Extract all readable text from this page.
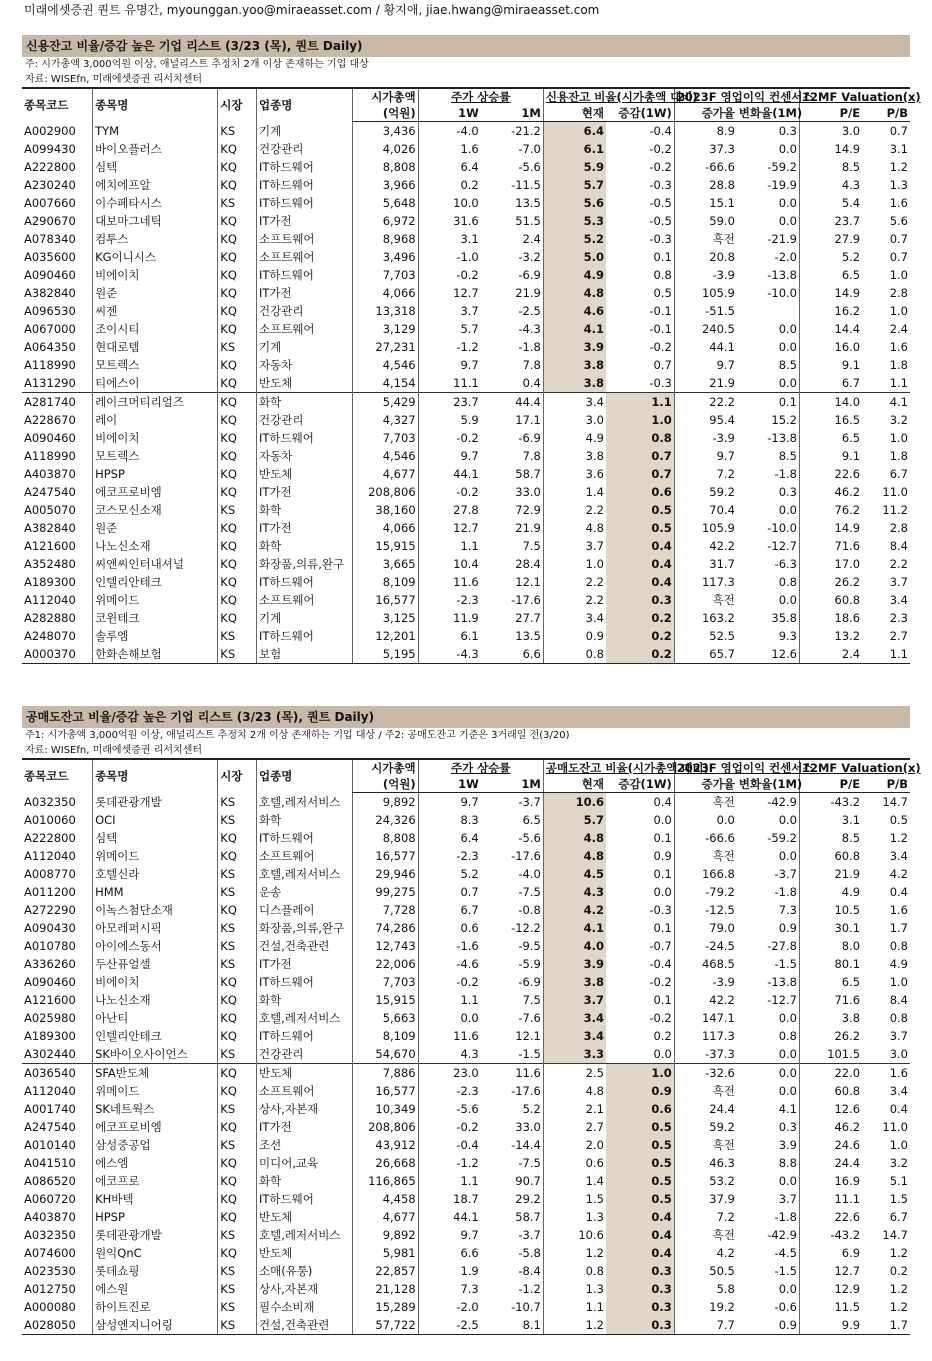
미래에셋증권 퀀트 유명간, myounggan.yoo@miraeasset.com / 황지애, jiae.hwang@miraeasset.com
신용잔고 비율/증감 높은 기업 리스트 (3/23 (목), 퀀트 Daily)
주: 시가총액 3,000억원 이상, 애널리스트 추정치 2개 이상 존재하는 기업 대상
자료: WISEfn, 미래에셋증권 리서치센터
종목코드	종목명	시장	업종명	시가총액	주가 상승률		신용잔고 비율(시가총액 대비)		2023F 영업이익 컨센서스		12MF Valuation(x)	
				(억원)	1W	1M	현재	증감(1W)	증가율	변화율(1M)	P/E	P/B
A002900	TYM	KS	기계	3,436	-4.0	-21.2	6.4	-0.4	8.9	0.3	3.0	0.7
A099430	바이오플러스	KQ	건강관리	4,026	1.6	-7.0	6.1	-0.2	37.3	0.0	14.9	3.1
A222800	심텍	KQ	IT하드웨어	8,808	6.4	-5.6	5.9	-0.2	-66.6	-59.2	8.5	1.2
A230240	에치에프알	KQ	IT하드웨어	3,966	0.2	-11.5	5.7	-0.3	28.8	-19.9	4.3	1.3
A007660	이수페타시스	KS	IT하드웨어	5,648	10.0	13.5	5.6	-0.5	15.1	0.0	5.4	1.6
A290670	대보마그네틱	KQ	IT가전	6,972	31.6	51.5	5.3	-0.5	59.0	0.0	23.7	5.6
A078340	컴투스	KQ	소프트웨어	8,968	3.1	2.4	5.2	-0.3	흑전	-21.9	27.9	0.7
A035600	KG이니시스	KQ	소프트웨어	3,496	-1.0	-3.2	5.0	0.1	20.8	-2.0	5.2	0.7
A090460	비에이치	KQ	IT하드웨어	7,703	-0.2	-6.9	4.9	0.8	-3.9	-13.8	6.5	1.0
A382840	원준	KQ	IT가전	4,066	12.7	21.9	4.8	0.5	105.9	-10.0	14.9	2.8
A096530	씨젠	KQ	건강관리	13,318	3.7	-2.5	4.6	-0.1	-51.5		16.2	1.0
A067000	조이시티	KQ	소프트웨어	3,129	5.7	-4.3	4.1	-0.1	240.5	0.0	14.4	2.4
A064350	현대로템	KS	기계	27,231	-1.2	-1.8	3.9	-0.2	44.1	0.0	16.0	1.6
A118990	모트렉스	KQ	자동차	4,546	9.7	7.8	3.8	0.7	9.7	8.5	9.1	1.8
A131290	티에스이	KQ	반도체	4,154	11.1	0.4	3.8	-0.3	21.9	0.0	6.7	1.1
A281740	레이크머티리얼즈	KQ	화학	5,429	23.7	44.4	3.4	1.1	22.2	0.1	14.0	4.1
A228670	레이	KQ	건강관리	4,327	5.9	17.1	3.0	1.0	95.4	15.2	16.5	3.2
A090460	비에이치	KQ	IT하드웨어	7,703	-0.2	-6.9	4.9	0.8	-3.9	-13.8	6.5	1.0
A118990	모트렉스	KQ	자동차	4,546	9.7	7.8	3.8	0.7	9.7	8.5	9.1	1.8
A403870	HPSP	KQ	반도체	4,677	44.1	58.7	3.6	0.7	7.2	-1.8	22.6	6.7
A247540	에코프로비엠	KQ	IT가전	208,806	-0.2	33.0	1.4	0.6	59.2	0.3	46.2	11.0
A005070	코스모신소재	KS	화학	38,160	27.8	72.9	2.2	0.5	70.4	0.0	76.2	11.2
A382840	원준	KQ	IT가전	4,066	12.7	21.9	4.8	0.5	105.9	-10.0	14.9	2.8
A121600	나노신소재	KQ	화학	15,915	1.1	7.5	3.7	0.4	42.2	-12.7	71.6	8.4
A352480	씨앤씨인터내셔널	KQ	화장품,의류,완구	3,665	10.4	28.4	1.0	0.4	31.7	-6.3	17.0	2.2
A189300	인텔리안테크	KQ	IT하드웨어	8,109	11.6	12.1	2.2	0.4	117.3	0.8	26.2	3.7
A112040	위메이드	KQ	소프트웨어	16,577	-2.3	-17.6	2.2	0.3	흑전	0.0	60.8	3.4
A282880	코윈테크	KQ	기계	3,125	11.9	27.7	3.4	0.2	163.2	35.8	18.6	2.3
A248070	솔루엠	KS	IT하드웨어	12,201	6.1	13.5	0.9	0.2	52.5	9.3	13.2	2.7
A000370	한화손해보험	KS	보험	5,195	-4.3	6.6	0.8	0.2	65.7	12.6	2.4	1.1
공매도잔고 비율/증감 높은 기업 리스트 (3/23 (목), 퀀트 Daily)
주1: 시가총액 3,000억원 이상, 애널리스트 추정치 2개 이상 존재하는 기업 대상 / 주2: 공매도잔고 기준은 3거래일 전(3/20)
자료: WISEfn, 미래에셋증권 리서치센터
종목코드	종목명	시장	업종명	시가총액	주가 상승률		공매도잔고 비율(시가총액 대비)		2023F 영업이익 컨센서스		12MF Valuation(x)	
				(억원)	1W	1M	현재	증감(1W)	증가율	변화율(1M)	P/E	P/B
A032350	롯데관광개발	KS	호텔,레저서비스	9,892	9.7	-3.7	10.6	0.4	흑전	-42.9	-43.2	14.7
A010060	OCI	KS	화학	24,326	8.3	6.5	5.7	0.0	0.0	0.0	3.1	0.5
A222800	심텍	KQ	IT하드웨어	8,808	6.4	-5.6	4.8	0.1	-66.6	-59.2	8.5	1.2
A112040	위메이드	KQ	소프트웨어	16,577	-2.3	-17.6	4.8	0.9	흑전	0.0	60.8	3.4
A008770	호텔신라	KS	호텔,레저서비스	29,946	5.2	-4.0	4.5	0.1	166.8	-3.7	21.9	4.2
A011200	HMM	KS	운송	99,275	0.7	-7.5	4.3	0.0	-79.2	-1.8	4.9	0.4
A272290	이녹스첨단소재	KQ	디스플레이	7,728	6.7	-0.8	4.2	-0.3	-12.5	7.3	10.5	1.6
A090430	아모레퍼시픽	KS	화장품,의류,완구	74,286	0.6	-12.2	4.1	0.1	79.0	0.9	30.1	1.7
A010780	아이에스동서	KS	건설,건축관련	12,743	-1.6	-9.5	4.0	-0.7	-24.5	-27.8	8.0	0.8
A336260	두산퓨얼셀	KS	IT가전	22,006	-4.6	-5.9	3.9	-0.4	468.5	-1.5	80.1	4.9
A090460	비에이치	KQ	IT하드웨어	7,703	-0.2	-6.9	3.8	-0.2	-3.9	-13.8	6.5	1.0
A121600	나노신소재	KQ	화학	15,915	1.1	7.5	3.7	0.1	42.2	-12.7	71.6	8.4
A025980	아난티	KQ	호텔,레저서비스	5,663	0.0	-7.6	3.4	-0.2	147.1	0.0	3.8	0.8
A189300	인텔리안테크	KQ	IT하드웨어	8,109	11.6	12.1	3.4	0.2	117.3	0.8	26.2	3.7
A302440	SK바이오사이언스	KS	건강관리	54,670	4.3	-1.5	3.3	0.0	-37.3	0.0	101.5	3.0
A036540	SFA반도체	KQ	반도체	7,886	23.0	11.6	2.5	1.0	-32.6	0.0	22.0	1.6
A112040	위메이드	KQ	소프트웨어	16,577	-2.3	-17.6	4.8	0.9	흑전	0.0	60.8	3.4
A001740	SK네트웍스	KS	상사,자본재	10,349	-5.6	5.2	2.1	0.6	24.4	4.1	12.6	0.4
A247540	에코프로비엠	KQ	IT가전	208,806	-0.2	33.0	2.7	0.5	59.2	0.3	46.2	11.0
A010140	삼성중공업	KS	조선	43,912	-0.4	-14.4	2.0	0.5	흑전	3.9	24.6	1.0
A041510	에스엠	KQ	미디어,교육	26,668	-1.2	-7.5	0.6	0.5	46.3	8.8	24.4	3.2
A086520	에코프로	KQ	화학	116,865	1.1	90.7	1.4	0.5	53.2	0.0	16.9	5.1
A060720	KH바텍	KQ	IT하드웨어	4,458	18.7	29.2	1.5	0.5	37.9	3.7	11.1	1.5
A403870	HPSP	KQ	반도체	4,677	44.1	58.7	1.3	0.4	7.2	-1.8	22.6	6.7
A032350	롯데관광개발	KS	호텔,레저서비스	9,892	9.7	-3.7	10.6	0.4	흑전	-42.9	-43.2	14.7
A074600	원익QnC	KQ	반도체	5,981	6.6	-5.8	1.2	0.4	4.2	-4.5	6.9	1.2
A023530	롯데쇼핑	KS	소매(유통)	22,857	1.9	-8.4	0.8	0.3	50.5	-1.5	12.7	0.2
A012750	에스원	KS	상사,자본재	21,128	7.3	-1.2	1.3	0.3	5.8	0.0	12.9	1.2
A000080	하이트진로	KS	필수소비재	15,289	-2.0	-10.7	1.1	0.3	19.2	-0.6	11.5	1.2
A028050	삼성엔지니어링	KS	건설,건축관련	57,722	-2.5	8.1	1.2	0.3	7.7	0.9	9.9	1.7
